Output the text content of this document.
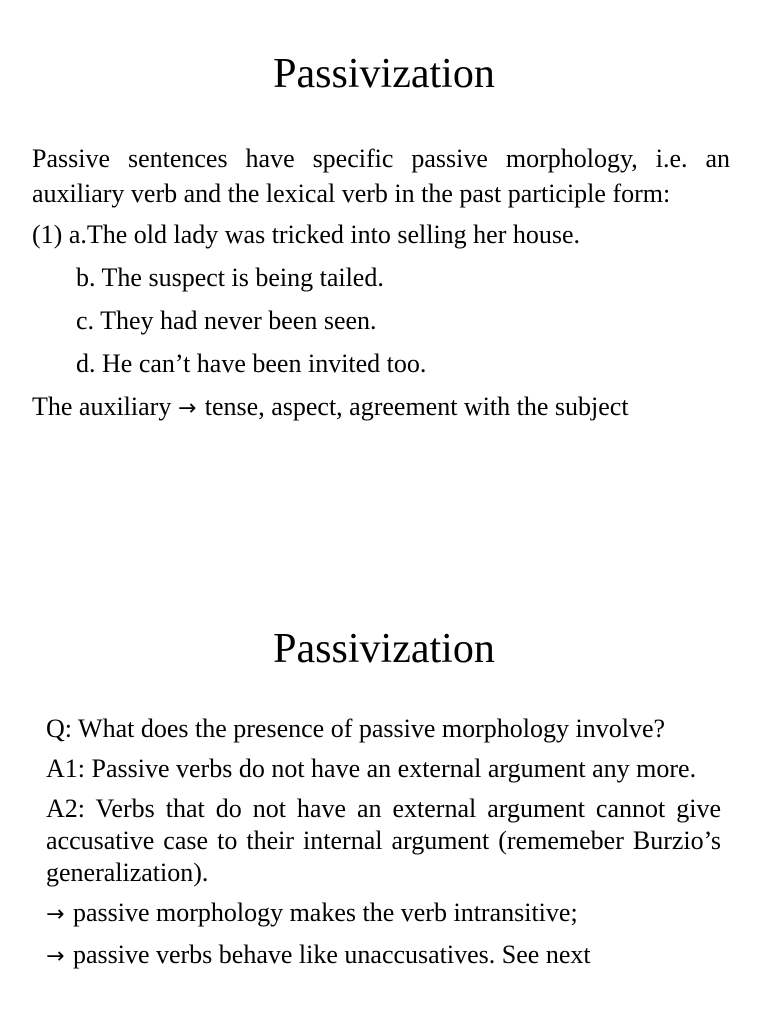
Passivization

Passive sentences have specific passive morphology, i.e. an auxiliary verb and the lexical verb in the past participle form:

(1) a.The old lady was tricked into selling her house.

b. The suspect is being tailed.

c. They had never been seen.

d. He can’t have been invited too.

The auxiliary → tense, aspect, agreement with the subject

Passivization

Q: What does the presence of passive morphology involve?

A1: Passive verbs do not have an external argument any more.

A2: Verbs that do not have an external argument cannot give accusative case to their internal argument (rememeber Burzio’s generalization).

→ passive morphology makes the verb intransitive;

→ passive verbs behave like unaccusatives. See next
